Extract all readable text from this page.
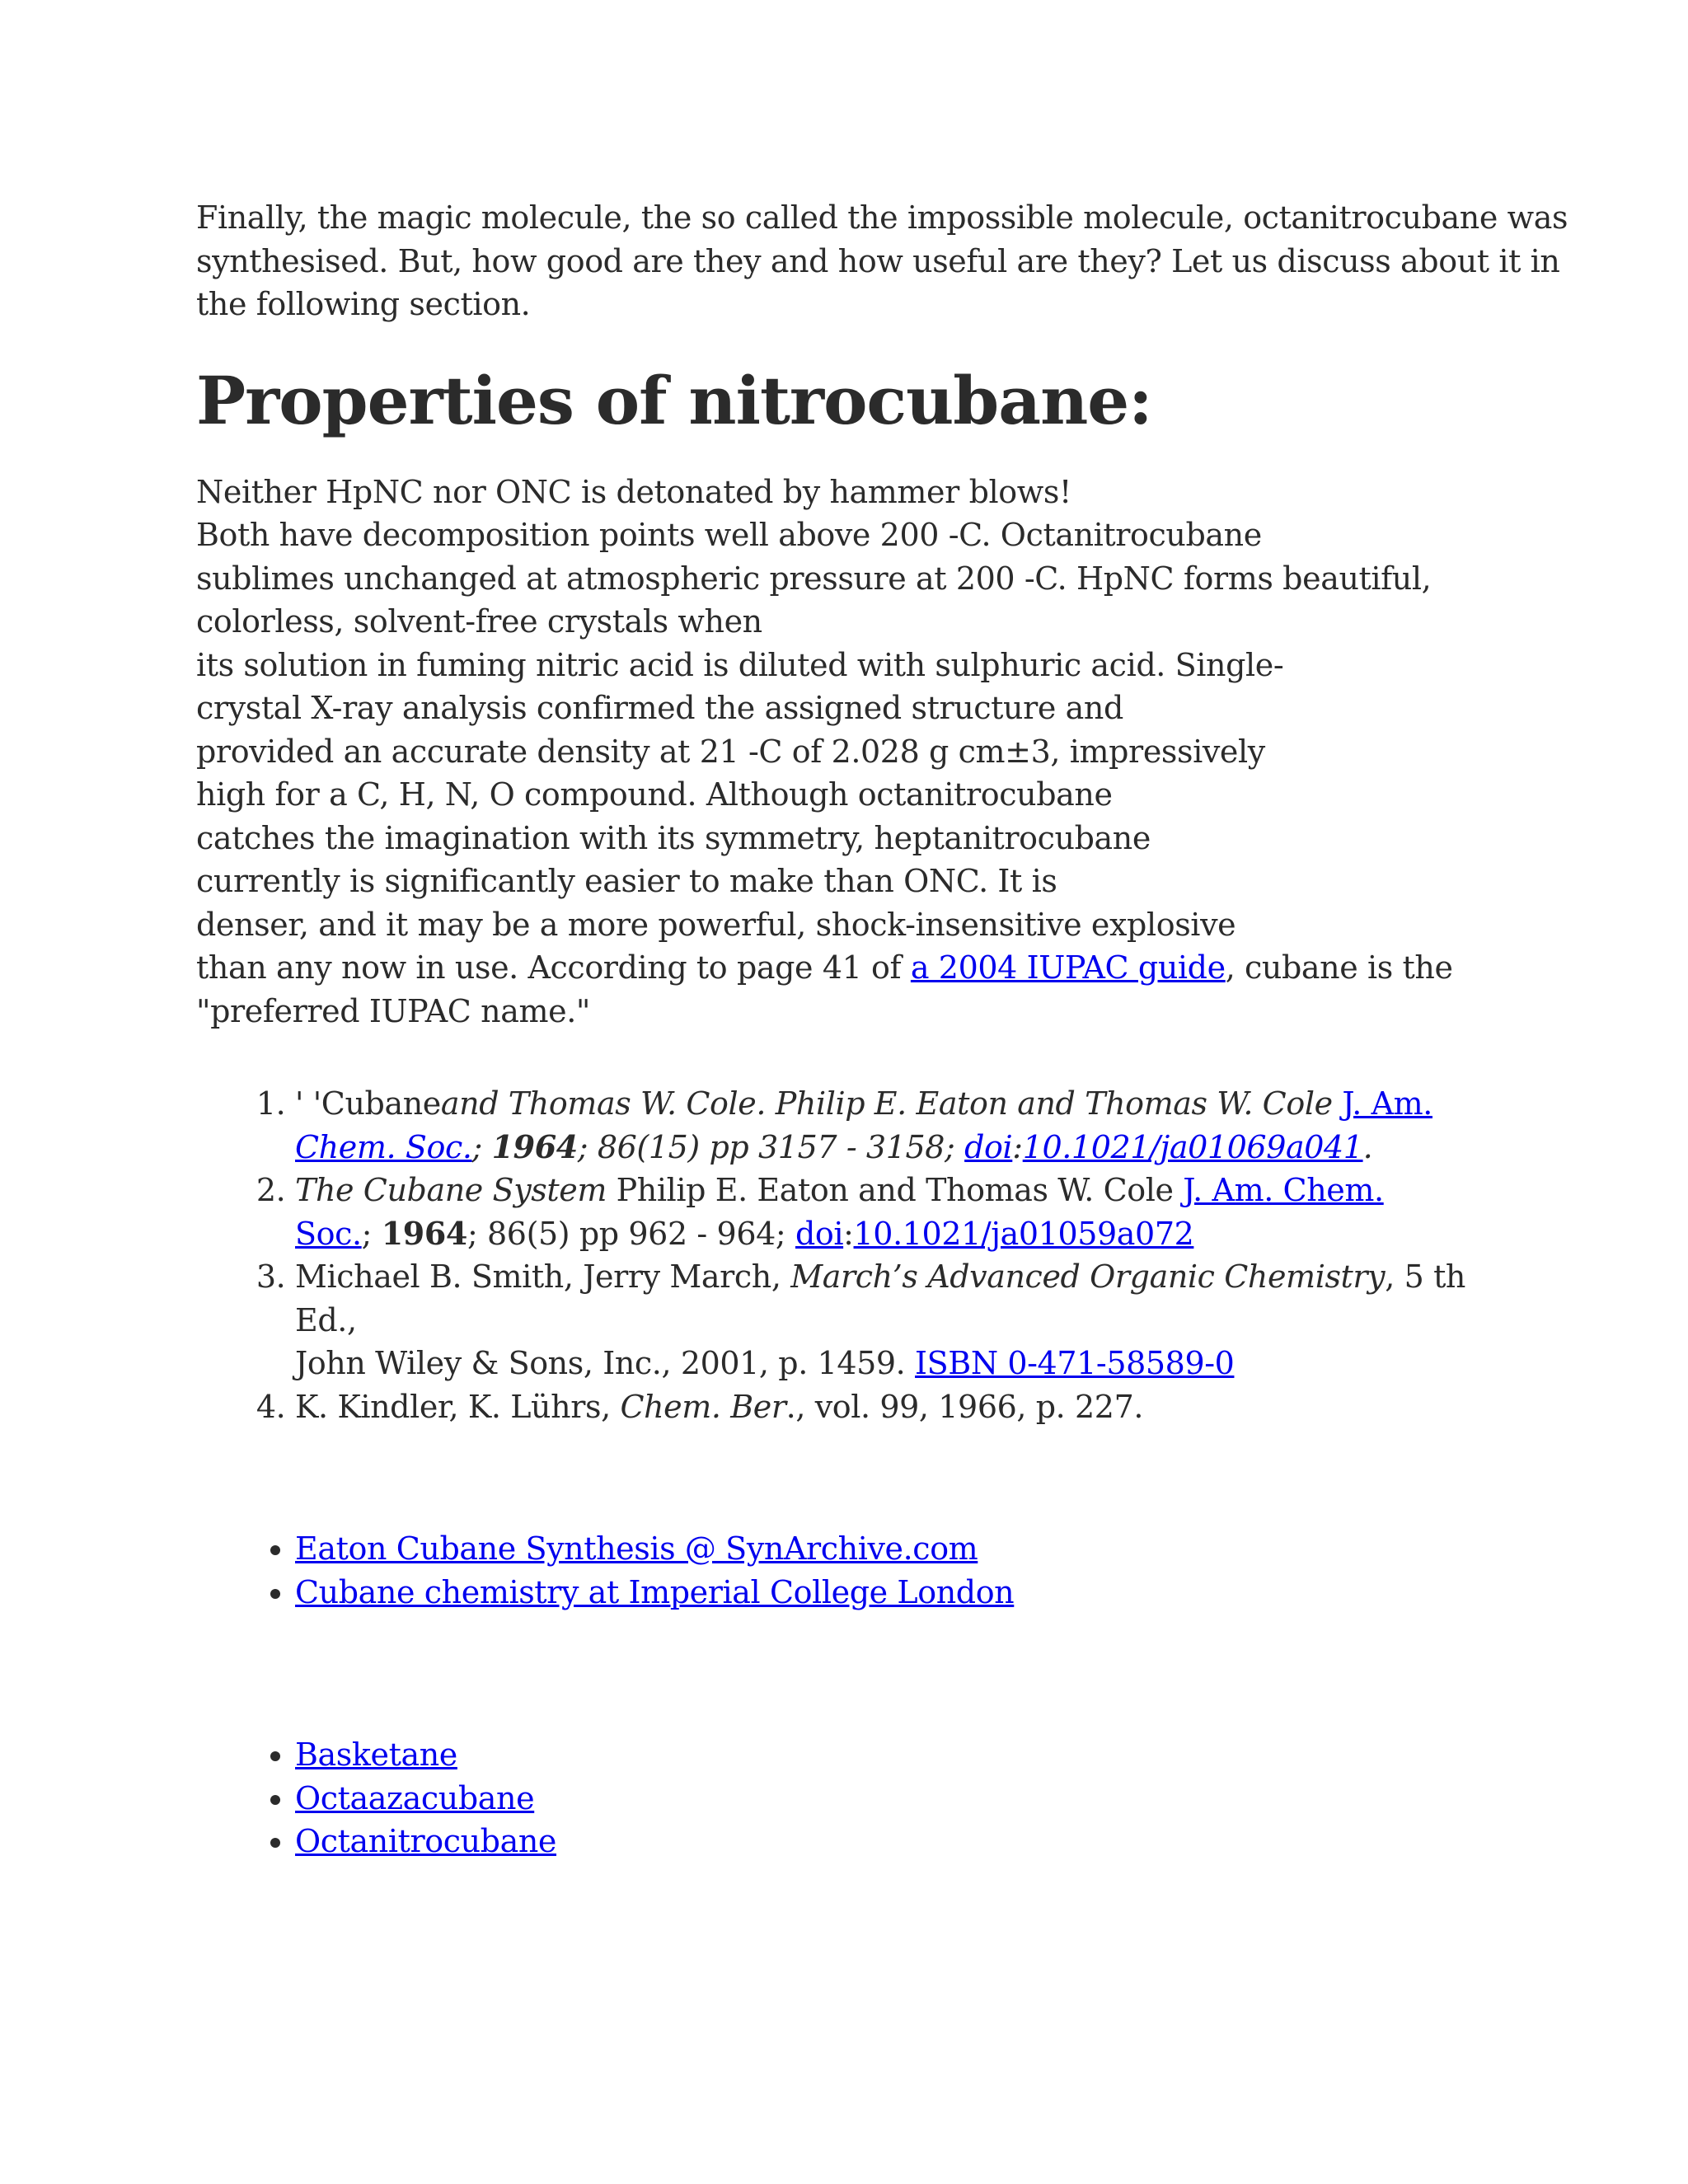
Finally, the magic molecule, the so called the impossible molecule, octanitrocubane was
synthesised. But, how good are they and how useful are they? Let us discuss about it in
the following section.

Properties of nitrocubane:

Neither HpNC nor ONC is detonated by hammer blows!
Both have decomposition points well above 200 -C. Octanitrocubane
sublimes unchanged at atmospheric pressure at 200 -C. HpNC forms beautiful,
colorless, solvent-free crystals when
its solution in fuming nitric acid is diluted with sulphuric acid. Single-
crystal X-ray analysis confirmed the assigned structure and
provided an accurate density at 21 -C of 2.028 g cm±3, impressively
high for a C, H, N, O compound. Although octanitrocubane
catches the imagination with its symmetry, heptanitrocubane
currently is significantly easier to make than ONC. It is
denser, and it may be a more powerful, shock-insensitive explosive
than any now in use. According to page 41 of a 2004 IUPAC guide, cubane is the
"preferred IUPAC name."

1. ' 'Cubaneand Thomas W. Cole. Philip E. Eaton and Thomas W. Cole J. Am.
Chem. Soc.; 1964; 86(15) pp 3157 - 3158; doi:10.1021/ja01069a041.
2. The Cubane System Philip E. Eaton and Thomas W. Cole J. Am. Chem.
Soc.; 1964; 86(5) pp 962 - 964; doi:10.1021/ja01059a072
3. Michael B. Smith, Jerry March, March’s Advanced Organic Chemistry, 5 th Ed.,
John Wiley & Sons, Inc., 2001, p. 1459. ISBN 0-471-58589-0
4. K. Kindler, K. Lührs, Chem. Ber., vol. 99, 1966, p. 227.
• Eaton Cubane Synthesis @ SynArchive.com
• Cubane chemistry at Imperial College London
• Basketane
• Octaazacubane
• Octanitrocubane
